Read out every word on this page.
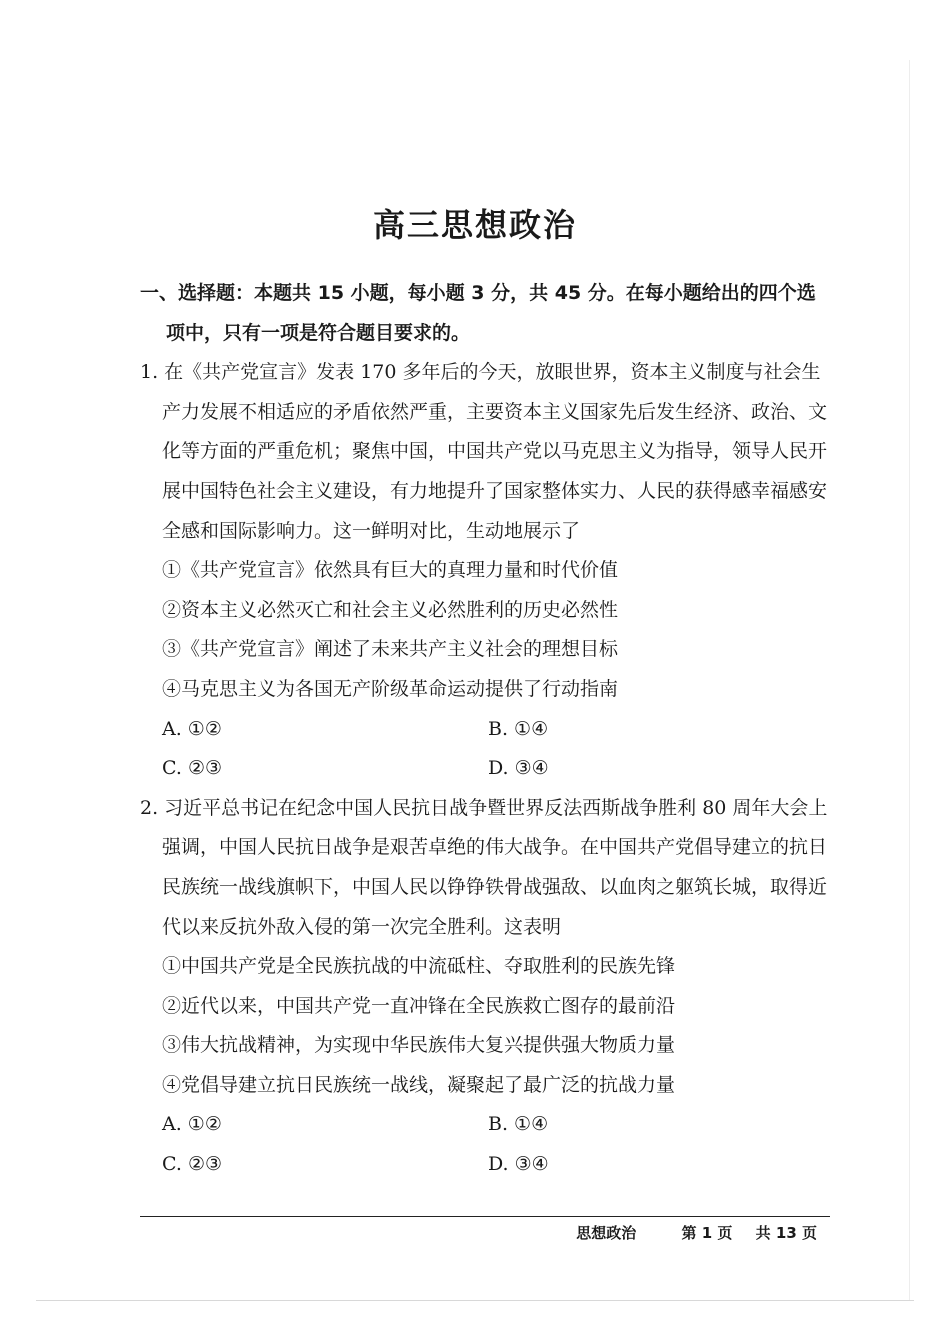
高三思想政治

一、选择题：本题共 15 小题，每小题 3 分，共 45 分。在每小题给出的四个选项中，只有一项是符合题目要求的。

1. 在《共产党宣言》发表 170 多年后的今天，放眼世界，资本主义制度与社会生产力发展不相适应的矛盾依然严重，主要资本主义国家先后发生经济、政治、文化等方面的严重危机；聚焦中国，中国共产党以马克思主义为指导，领导人民开展中国特色社会主义建设，有力地提升了国家整体实力、人民的获得感幸福感安全感和国际影响力。这一鲜明对比，生动地展示了

①《共产党宣言》依然具有巨大的真理力量和时代价值

②资本主义必然灭亡和社会主义必然胜利的历史必然性

③《共产党宣言》阐述了未来共产主义社会的理想目标

④马克思主义为各国无产阶级革命运动提供了行动指南

A. ①②	B. ①④

C. ②③	D. ③④

2. 习近平总书记在纪念中国人民抗日战争暨世界反法西斯战争胜利 80 周年大会上强调，中国人民抗日战争是艰苦卓绝的伟大战争。在中国共产党倡导建立的抗日民族统一战线旗帜下，中国人民以铮铮铁骨战强敌、以血肉之躯筑长城，取得近代以来反抗外敌入侵的第一次完全胜利。这表明

①中国共产党是全民族抗战的中流砥柱、夺取胜利的民族先锋

②近代以来，中国共产党一直冲锋在全民族救亡图存的最前沿

③伟大抗战精神，为实现中华民族伟大复兴提供强大物质力量

④党倡导建立抗日民族统一战线，凝聚起了最广泛的抗战力量

A. ①②	B. ①④

C. ②③	D. ③④

思想政治	第 1 页 共 13 页
